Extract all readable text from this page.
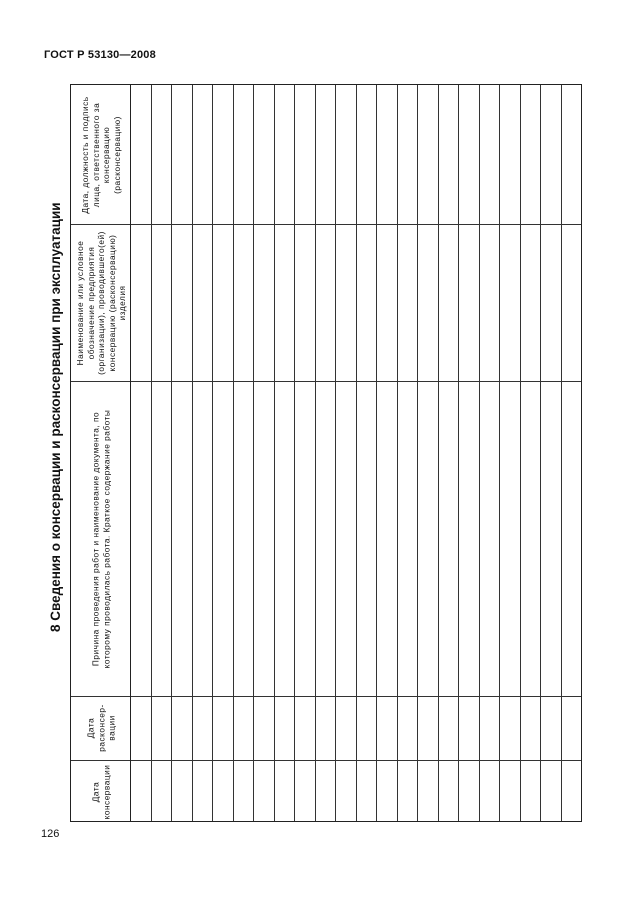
ГОСТ Р 53130—2008
8 Сведения о консервации и расконсервации при эксплуатации
Дата, должность и подпись лица, ответственного за консервацию (расконсервацию)
Наименование или условное обозначение предприятия (организации), проводившего(ей) консервацию (расконсервацию) изделия
Причина проведения работ и наименование документа, по которому проводилась работа. Краткое содержание работы
Дата расконсер-вации
Дата консервации
126
